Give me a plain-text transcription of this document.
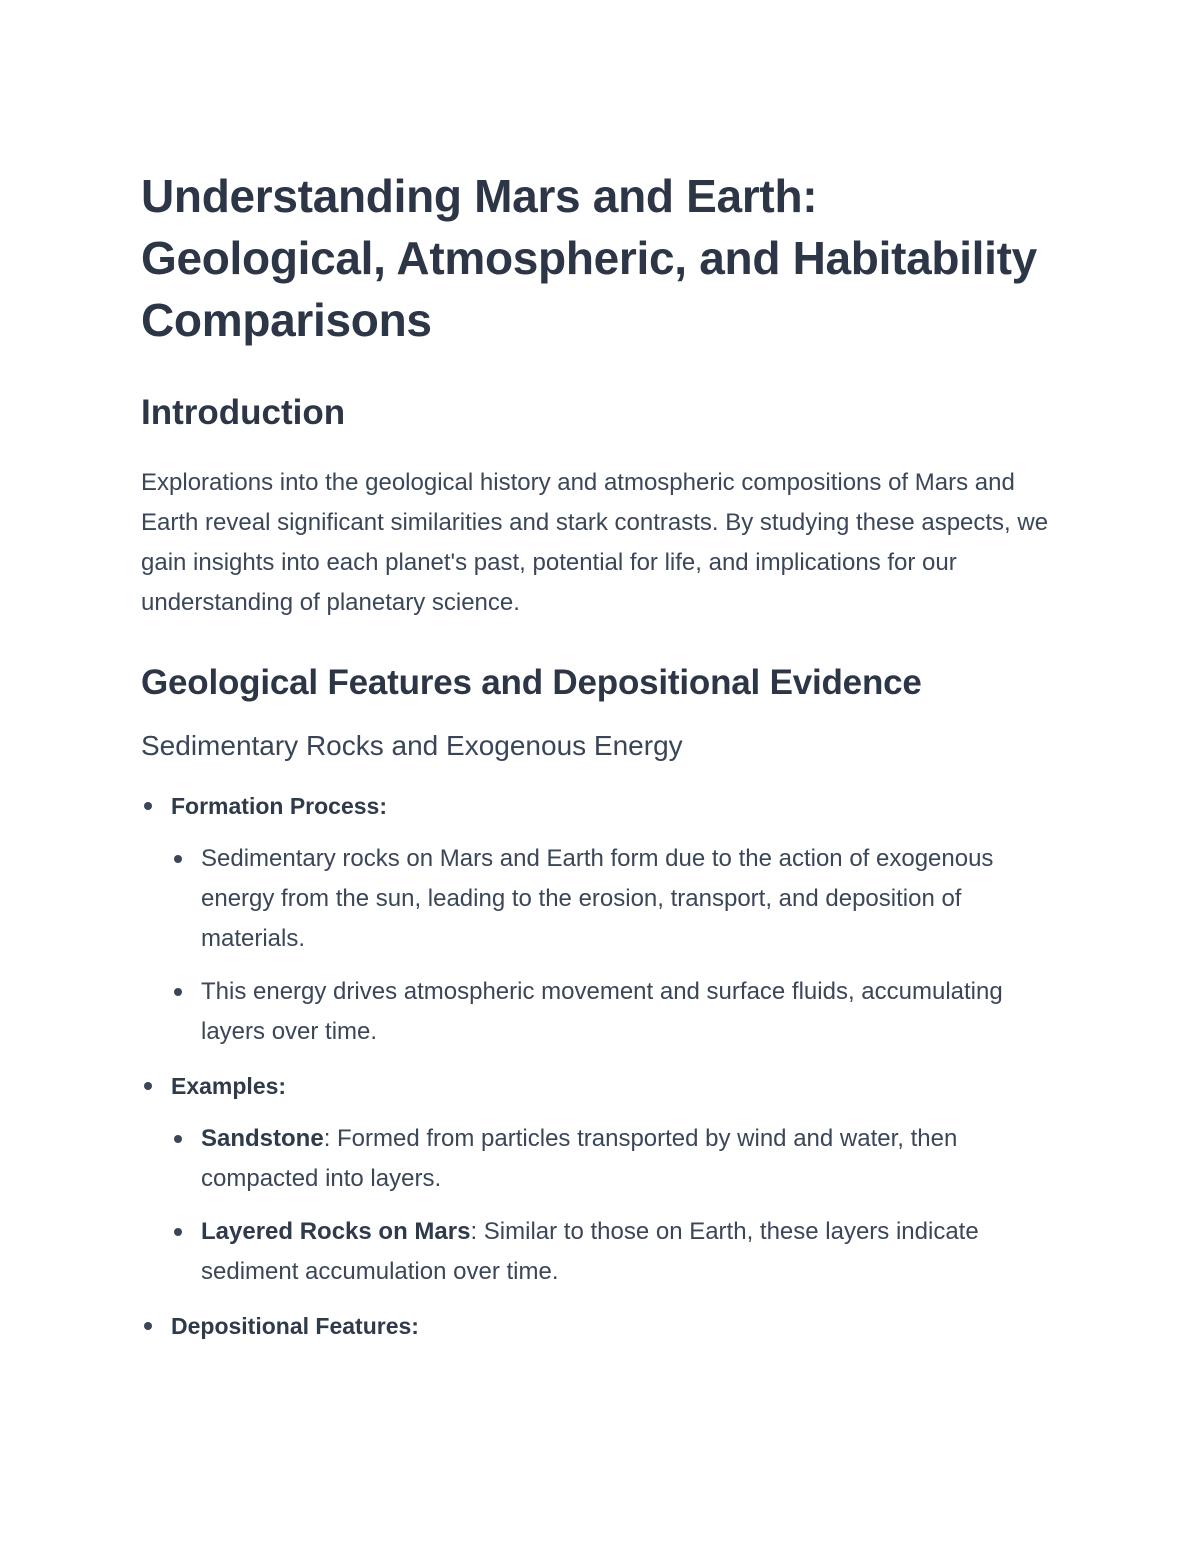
Understanding Mars and Earth: Geological, Atmospheric, and Habitability Comparisons
Introduction

Explorations into the geological history and atmospheric compositions of Mars and Earth reveal significant similarities and stark contrasts. By studying these aspects, we gain insights into each planet's past, potential for life, and implications for our understanding of planetary science.

Geological Features and Depositional Evidence
Sedimentary Rocks and Exogenous Energy
Formation Process:
Sedimentary rocks on Mars and Earth form due to the action of exogenous energy from the sun, leading to the erosion, transport, and deposition of materials.
This energy drives atmospheric movement and surface fluids, accumulating layers over time.
Examples:
Sandstone: Formed from particles transported by wind and water, then compacted into layers.
Layered Rocks on Mars: Similar to those on Earth, these layers indicate sediment accumulation over time.
Depositional Features:
